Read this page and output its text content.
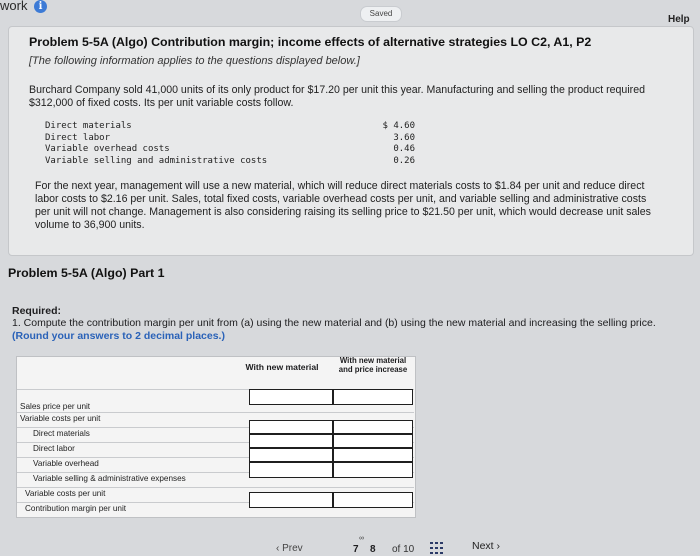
work	i
Saved
Help
Problem 5-5A (Algo) Contribution margin; income effects of alternative strategies LO C2, A1, P2
[The following information applies to the questions displayed below.]
Burchard Company sold 41,000 units of its only product for $17.20 per unit this year. Manufacturing and selling the product required $312,000 of fixed costs. Its per unit variable costs follow.
Direct materials	$ 4.60
Direct labor	3.60
Variable overhead costs	0.46
Variable selling and administrative costs	0.26
For the next year, management will use a new material, which will reduce direct materials costs to $1.84 per unit and reduce direct labor costs to $2.16 per unit. Sales, total fixed costs, variable overhead costs per unit, and variable selling and administrative costs per unit will not change. Management is also considering raising its selling price to $21.50 per unit, which would decrease unit sales volume to 36,900 units.
Problem 5-5A (Algo) Part 1
Required:
1. Compute the contribution margin per unit from (a) using the new material and (b) using the new material and increasing the selling price. (Round your answers to 2 decimal places.)
With new material
With new material and price increase
Sales price per unit
Variable costs per unit
Direct materials
Direct labor
Variable overhead
Variable selling & administrative expenses
Variable costs per unit
Contribution margin per unit
‹ Prev
∞
7 8 of 10	Next ›
